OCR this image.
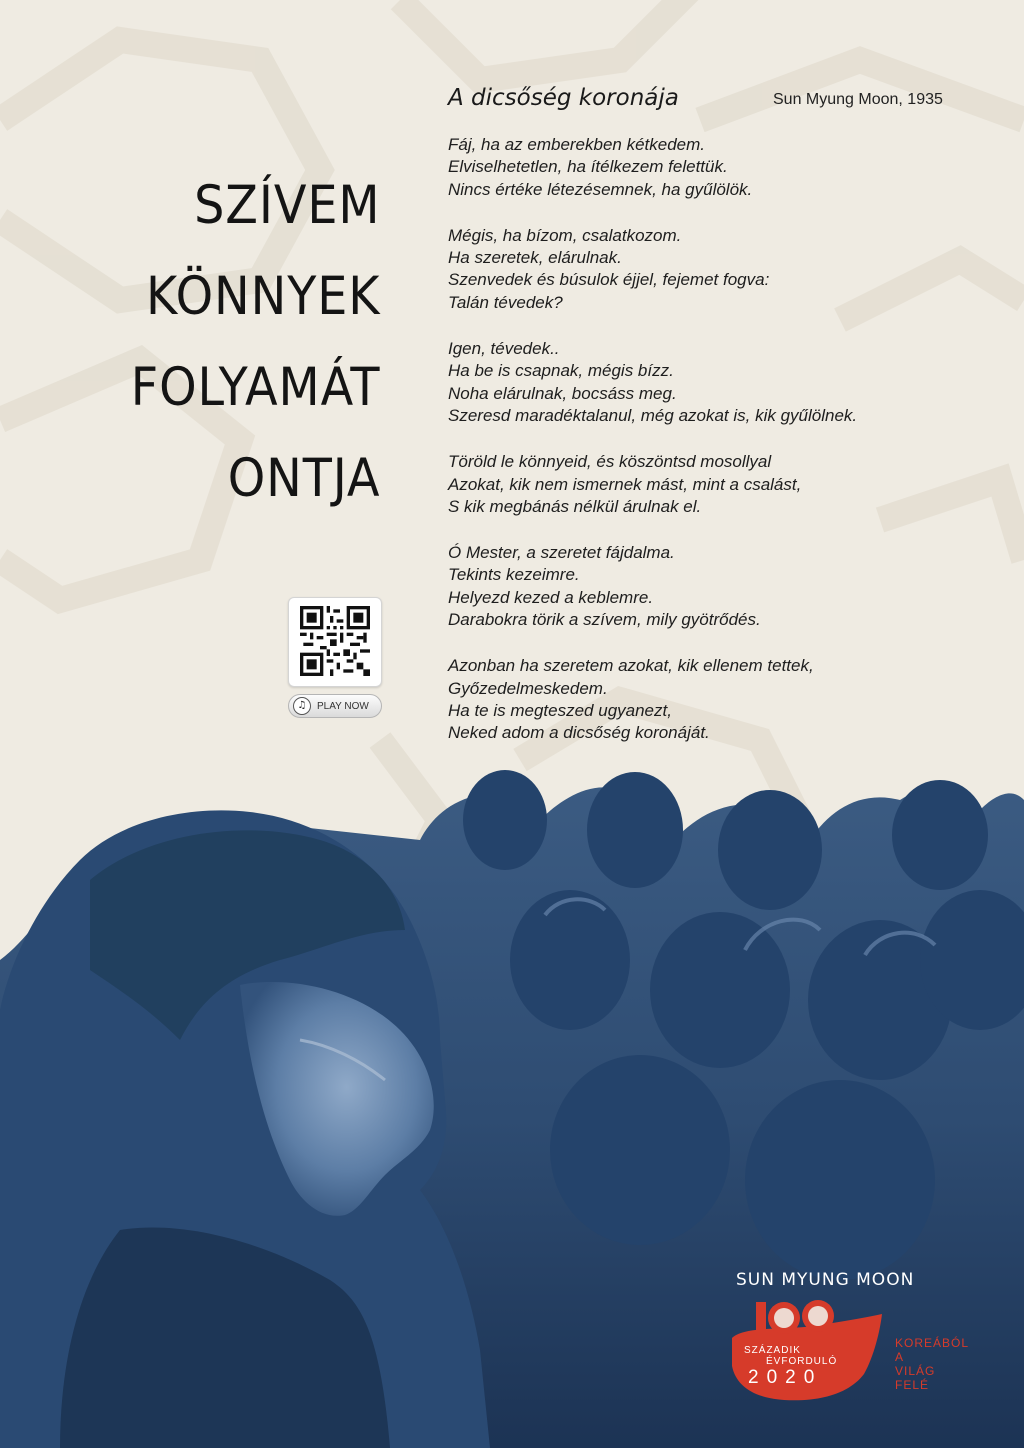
SZÍVEM
KÖNNYEK
FOLYAMÁT
ONTJA
A dicsőség koronája	Sun Myung Moon, 1935
Fáj, ha az emberekben kétkedem.
Elviselhetetlen, ha ítélkezem felettük.
Nincs értéke létezésemnek, ha gyűlölök.
Mégis, ha bízom, csalatkozom.
Ha szeretek, elárulnak.
Szenvedek és búsulok éjjel, fejemet fogva:
Talán tévedek?
Igen, tévedek..
Ha be is csapnak, mégis bízz.
Noha elárulnak, bocsáss meg.
Szeresd maradéktalanul, még azokat is, kik gyűlölnek.
Töröld le könnyeid, és köszöntsd mosollyal
Azokat, kik nem ismernek mást, mint a csalást,
S kik megbánás nélkül árulnak el.
Ó Mester, a szeretet fájdalma.
Tekints kezeimre.
Helyezd kezed a keblemre.
Darabokra törik a szívem, mily gyötrődés.
Azonban ha szeretem azokat, kik ellenem tettek,
Győzedelmeskedem.
Ha te is megteszed ugyanezt,
Neked adom a dicsőség koronáját.
♫	PLAY NOW
SUN MYUNG MOON
SZÁZADIK
ÉVFORDULÓ
2020
KOREÁBÓL
A
VILÁG
FELÉ
